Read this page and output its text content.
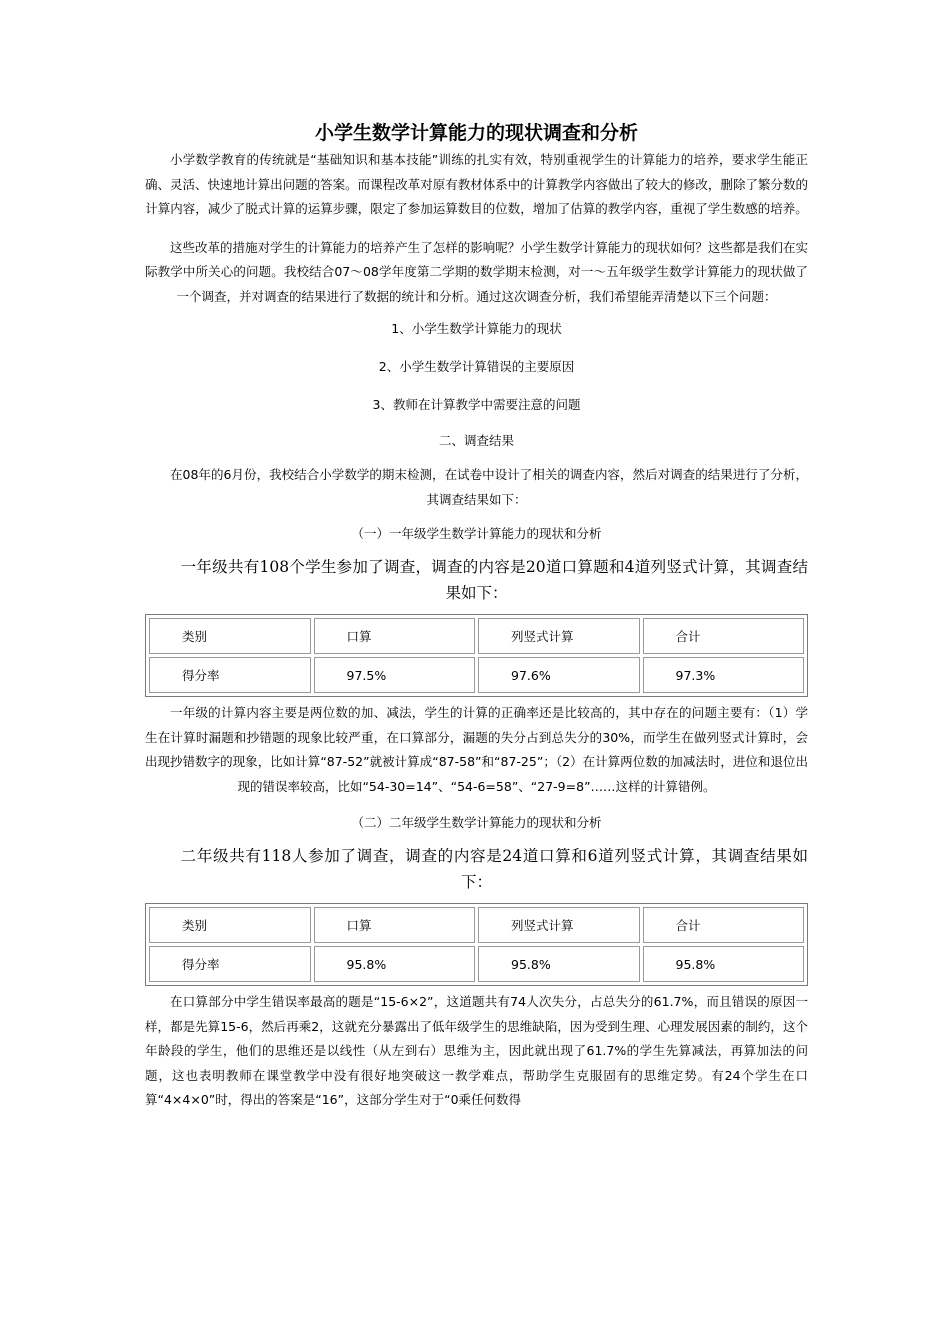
小学生数学计算能力的现状调查和分析

小学数学教育的传统就是“基础知识和基本技能”训练的扎实有效，特别重视学生的计算能力的培养，要求学生能正确、灵活、快速地计算出问题的答案。而课程改革对原有教材体系中的计算教学内容做出了较大的修改，删除了繁分数的计算内容，减少了脱式计算的运算步骤，限定了参加运算数目的位数，增加了估算的教学内容，重视了学生数感的培养。

这些改革的措施对学生的计算能力的培养产生了怎样的影响呢？小学生数学计算能力的现状如何？这些都是我们在实际教学中所关心的问题。我校结合07～08学年度第二学期的数学期末检测，对一～五年级学生数学计算能力的现状做了一个调查，并对调查的结果进行了数据的统计和分析。通过这次调查分析，我们希望能弄清楚以下三个问题：

1、小学生数学计算能力的现状

2、小学生数学计算错误的主要原因

3、教师在计算教学中需要注意的问题

二、调查结果

在08年的6月份，我校结合小学数学的期末检测，在试卷中设计了相关的调查内容，然后对调查的结果进行了分析，其调查结果如下：

（一）一年级学生数学计算能力的现状和分析

一年级共有108个学生参加了调查，调查的内容是20道口算题和4道列竖式计算，其调查结果如下：

类别	口算	列竖式计算	合计
得分率	97.5%	97.6%	97.3%

一年级的计算内容主要是两位数的加、减法，学生的计算的正确率还是比较高的，其中存在的问题主要有：（1）学生在计算时漏题和抄错题的现象比较严重，在口算部分，漏题的失分占到总失分的30%，而学生在做列竖式计算时，会出现抄错数字的现象，比如计算“87-52”就被计算成“87-58”和“87-25”；（2）在计算两位数的加减法时，进位和退位出现的错误率较高，比如“54-30=14”、“54-6=58”、“27-9=8”……这样的计算错例。

（二）二年级学生数学计算能力的现状和分析

二年级共有118人参加了调查，调查的内容是24道口算和6道列竖式计算，其调查结果如下：

类别	口算	列竖式计算	合计
得分率	95.8%	95.8%	95.8%

在口算部分中学生错误率最高的题是“15-6×2”，这道题共有74人次失分，占总失分的61.7%，而且错误的原因一样，都是先算15-6，然后再乘2，这就充分暴露出了低年级学生的思维缺陷，因为受到生理、心理发展因素的制约，这个年龄段的学生，他们的思维还是以线性（从左到右）思维为主，因此就出现了61.7%的学生先算减法，再算加法的问题，这也表明教师在课堂教学中没有很好地突破这一教学难点，帮助学生克服固有的思维定势。有24个学生在口算“4×4×0”时，得出的答案是“16”，这部分学生对于“0乘任何数得
